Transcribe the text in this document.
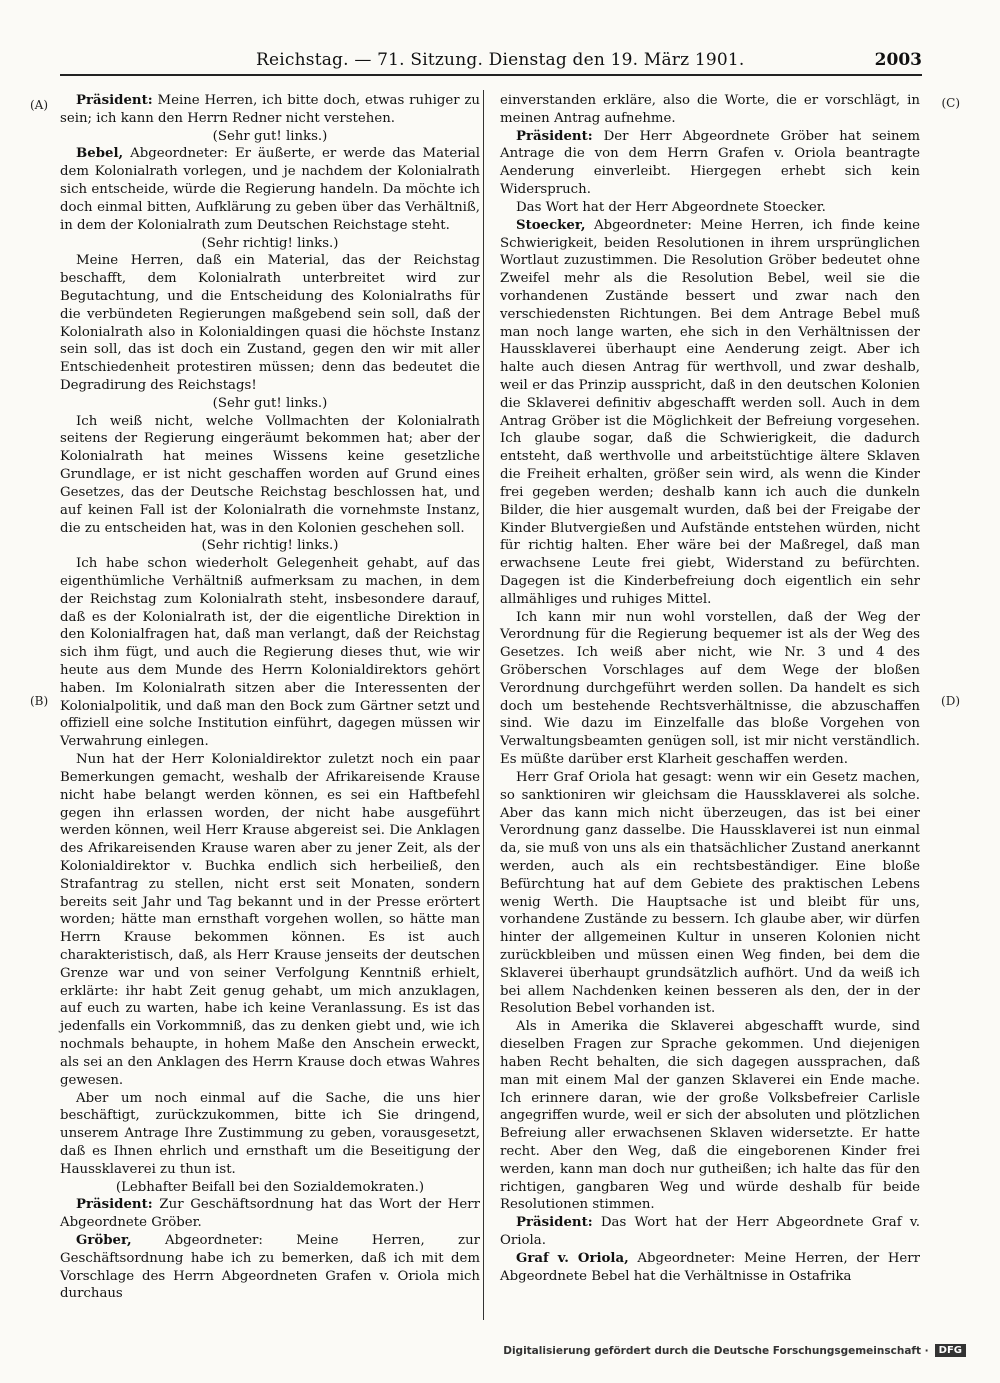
Reichstag. — 71. Sitzung. Dienstag den 19. März 1901.	2003
(A)	(C)
(B)	(D)

Präsident: Meine Herren, ich bitte doch, etwas ruhiger zu sein; ich kann den Herrn Redner nicht verstehen.

(Sehr gut! links.)

Bebel, Abgeordneter: Er äußerte, er werde das Material dem Kolonialrath vorlegen, und je nachdem der Kolonialrath sich entscheide, würde die Regierung handeln. Da möchte ich doch einmal bitten, Aufklärung zu geben über das Verhältniß, in dem der Kolonialrath zum Deutschen Reichstage steht.

(Sehr richtig! links.)

Meine Herren, daß ein Material, das der Reichstag beschafft, dem Kolonialrath unterbreitet wird zur Begutachtung, und die Entscheidung des Kolonialraths für die verbündeten Regierungen maßgebend sein soll, daß der Kolonialrath also in Kolonialdingen quasi die höchste Instanz sein soll, das ist doch ein Zustand, gegen den wir mit aller Entschiedenheit protestiren müssen; denn das bedeutet die Degradirung des Reichstags!

(Sehr gut! links.)

Ich weiß nicht, welche Vollmachten der Kolonialrath seitens der Regierung eingeräumt bekommen hat; aber der Kolonialrath hat meines Wissens keine gesetzliche Grundlage, er ist nicht geschaffen worden auf Grund eines Gesetzes, das der Deutsche Reichstag beschlossen hat, und auf keinen Fall ist der Kolonialrath die vornehmste Instanz, die zu entscheiden hat, was in den Kolonien geschehen soll.

(Sehr richtig! links.)

Ich habe schon wiederholt Gelegenheit gehabt, auf das eigenthümliche Verhältniß aufmerksam zu machen, in dem der Reichstag zum Kolonialrath steht, insbesondere darauf, daß es der Kolonialrath ist, der die eigentliche Direktion in den Kolonialfragen hat, daß man verlangt, daß der Reichstag sich ihm fügt, und auch die Regierung dieses thut, wie wir heute aus dem Munde des Herrn Kolonialdirektors gehört haben. Im Kolonialrath sitzen aber die Interessenten der Kolonialpolitik, und daß man den Bock zum Gärtner setzt und offiziell eine solche Institution einführt, dagegen müssen wir Verwahrung einlegen.

Nun hat der Herr Kolonialdirektor zuletzt noch ein paar Bemerkungen gemacht, weshalb der Afrikareisende Krause nicht habe belangt werden können, es sei ein Haftbefehl gegen ihn erlassen worden, der nicht habe ausgeführt werden können, weil Herr Krause abgereist sei. Die Anklagen des Afrikareisenden Krause waren aber zu jener Zeit, als der Kolonialdirektor v. Buchka endlich sich herbeiließ, den Strafantrag zu stellen, nicht erst seit Monaten, sondern bereits seit Jahr und Tag bekannt und in der Presse erörtert worden; hätte man ernsthaft vorgehen wollen, so hätte man Herrn Krause bekommen können. Es ist auch charakteristisch, daß, als Herr Krause jenseits der deutschen Grenze war und von seiner Verfolgung Kenntniß erhielt, erklärte: ihr habt Zeit genug gehabt, um mich anzuklagen, auf euch zu warten, habe ich keine Veranlassung. Es ist das jedenfalls ein Vorkommniß, das zu denken giebt und, wie ich nochmals behaupte, in hohem Maße den Anschein erweckt, als sei an den Anklagen des Herrn Krause doch etwas Wahres gewesen.

Aber um noch einmal auf die Sache, die uns hier beschäftigt, zurückzukommen, bitte ich Sie dringend, unserem Antrage Ihre Zustimmung zu geben, vorausgesetzt, daß es Ihnen ehrlich und ernsthaft um die Beseitigung der Haussklaverei zu thun ist.

(Lebhafter Beifall bei den Sozialdemokraten.)

Präsident: Zur Geschäftsordnung hat das Wort der Herr Abgeordnete Gröber.

Gröber, Abgeordneter: Meine Herren, zur Geschäftsordnung habe ich zu bemerken, daß ich mit dem Vorschlage des Herrn Abgeordneten Grafen v. Oriola mich durchaus

einverstanden erkläre, also die Worte, die er vorschlägt, in meinen Antrag aufnehme.

Präsident: Der Herr Abgeordnete Gröber hat seinem Antrage die von dem Herrn Grafen v. Oriola beantragte Aenderung einverleibt. Hiergegen erhebt sich kein Widerspruch.

Das Wort hat der Herr Abgeordnete Stoecker.

Stoecker, Abgeordneter: Meine Herren, ich finde keine Schwierigkeit, beiden Resolutionen in ihrem ursprünglichen Wortlaut zuzustimmen. Die Resolution Gröber bedeutet ohne Zweifel mehr als die Resolution Bebel, weil sie die vorhandenen Zustände bessert und zwar nach den verschiedensten Richtungen. Bei dem Antrage Bebel muß man noch lange warten, ehe sich in den Verhältnissen der Haussklaverei überhaupt eine Aenderung zeigt. Aber ich halte auch diesen Antrag für werthvoll, und zwar deshalb, weil er das Prinzip ausspricht, daß in den deutschen Kolonien die Sklaverei definitiv abgeschafft werden soll. Auch in dem Antrag Gröber ist die Möglichkeit der Befreiung vorgesehen. Ich glaube sogar, daß die Schwierigkeit, die dadurch entsteht, daß werthvolle und arbeitstüchtige ältere Sklaven die Freiheit erhalten, größer sein wird, als wenn die Kinder frei gegeben werden; deshalb kann ich auch die dunkeln Bilder, die hier ausgemalt wurden, daß bei der Freigabe der Kinder Blutvergießen und Aufstände entstehen würden, nicht für richtig halten. Eher wäre bei der Maßregel, daß man erwachsene Leute frei giebt, Widerstand zu befürchten. Dagegen ist die Kinderbefreiung doch eigentlich ein sehr allmähliges und ruhiges Mittel.

Ich kann mir nun wohl vorstellen, daß der Weg der Verordnung für die Regierung bequemer ist als der Weg des Gesetzes. Ich weiß aber nicht, wie Nr. 3 und 4 des Gröberschen Vorschlages auf dem Wege der bloßen Verordnung durchgeführt werden sollen. Da handelt es sich doch um bestehende Rechtsverhältnisse, die abzuschaffen sind. Wie dazu im Einzelfalle das bloße Vorgehen von Verwaltungsbeamten genügen soll, ist mir nicht verständlich. Es müßte darüber erst Klarheit geschaffen werden.

Herr Graf Oriola hat gesagt: wenn wir ein Gesetz machen, so sanktioniren wir gleichsam die Haussklaverei als solche. Aber das kann mich nicht überzeugen, das ist bei einer Verordnung ganz dasselbe. Die Haussklaverei ist nun einmal da, sie muß von uns als ein thatsächlicher Zustand anerkannt werden, auch als ein rechtsbeständiger. Eine bloße Befürchtung hat auf dem Gebiete des praktischen Lebens wenig Werth. Die Hauptsache ist und bleibt für uns, vorhandene Zustände zu bessern. Ich glaube aber, wir dürfen hinter der allgemeinen Kultur in unseren Kolonien nicht zurückbleiben und müssen einen Weg finden, bei dem die Sklaverei überhaupt grundsätzlich aufhört. Und da weiß ich bei allem Nachdenken keinen besseren als den, der in der Resolution Bebel vorhanden ist.

Als in Amerika die Sklaverei abgeschafft wurde, sind dieselben Fragen zur Sprache gekommen. Und diejenigen haben Recht behalten, die sich dagegen aussprachen, daß man mit einem Mal der ganzen Sklaverei ein Ende mache. Ich erinnere daran, wie der große Volksbefreier Carlisle angegriffen wurde, weil er sich der absoluten und plötzlichen Befreiung aller erwachsenen Sklaven widersetzte. Er hatte recht. Aber den Weg, daß die eingeborenen Kinder frei werden, kann man doch nur gutheißen; ich halte das für den richtigen, gangbaren Weg und würde deshalb für beide Resolutionen stimmen.

Präsident: Das Wort hat der Herr Abgeordnete Graf v. Oriola.

Graf v. Oriola, Abgeordneter: Meine Herren, der Herr Abgeordnete Bebel hat die Verhältnisse in Ostafrika

Digitalisierung gefördert durch die Deutsche Forschungsgemeinschaft ·	DFG
